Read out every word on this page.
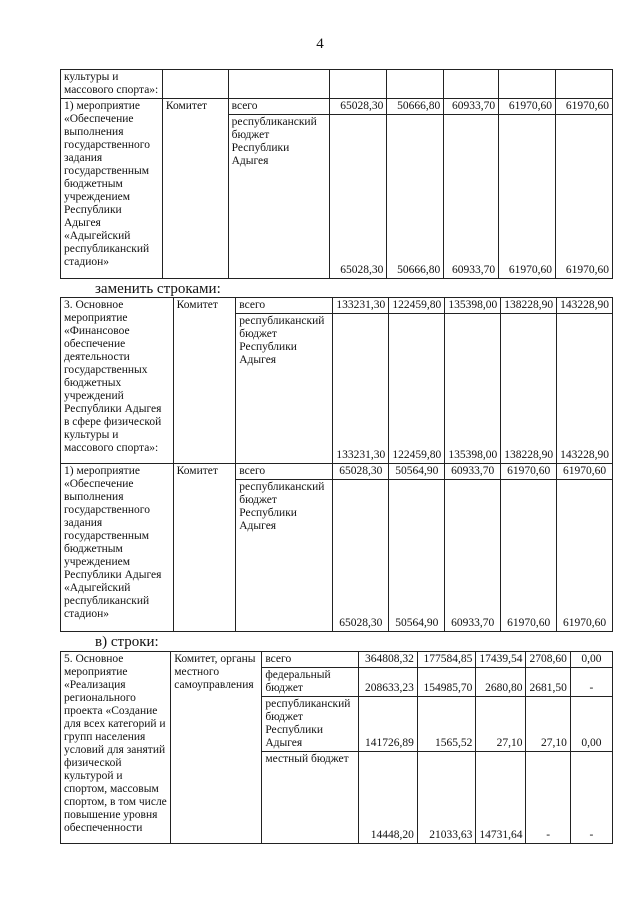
4
культуры и массового спорта»:							
1) мероприятие «Обеспечение выполнения государственного задания государственным бюджетным учреждением Республики Адыгея «Адыгейский республиканский стадион»	Комитет	всего	65028,30	50666,80	60933,70	61970,60	61970,60
		республиканский бюджет Республики Адыгея	65028,30	50666,80	60933,70	61970,60	61970,60
заменить строками:
3. Основное мероприятие «Финансовое обеспечение деятельности государственных бюджетных учреждений Республики Адыгея в сфере физической культуры и массового спорта»:	Комитет	всего	133231,30	122459,80	135398,00	138228,90	143228,90
		республиканский бюджет Республики Адыгея	133231,30	122459,80	135398,00	138228,90	143228,90
1) мероприятие «Обеспечение выполнения государственного задания государственным бюджетным учреждением Республики Адыгея «Адыгейский республиканский стадион»	Комитет	всего	65028,30	50564,90	60933,70	61970,60	61970,60
		республиканский бюджет Республики Адыгея	65028,30	50564,90	60933,70	61970,60	61970,60
в) строки:
5. Основное мероприятие «Реализация регионального проекта «Создание для всех категорий и групп населения условий для занятий физической культурой и спортом, массовым спортом, в том числе повышение уровня обеспеченности	Комитет, органы местного самоуправления	всего	364808,32	177584,85	17439,54	2708,60	0,00
		федеральный бюджет	208633,23	154985,70	2680,80	2681,50	-
		республиканский бюджет Республики Адыгея	141726,89	1565,52	27,10	27,10	0,00
		местный бюджет	14448,20	21033,63	14731,64	-	-
